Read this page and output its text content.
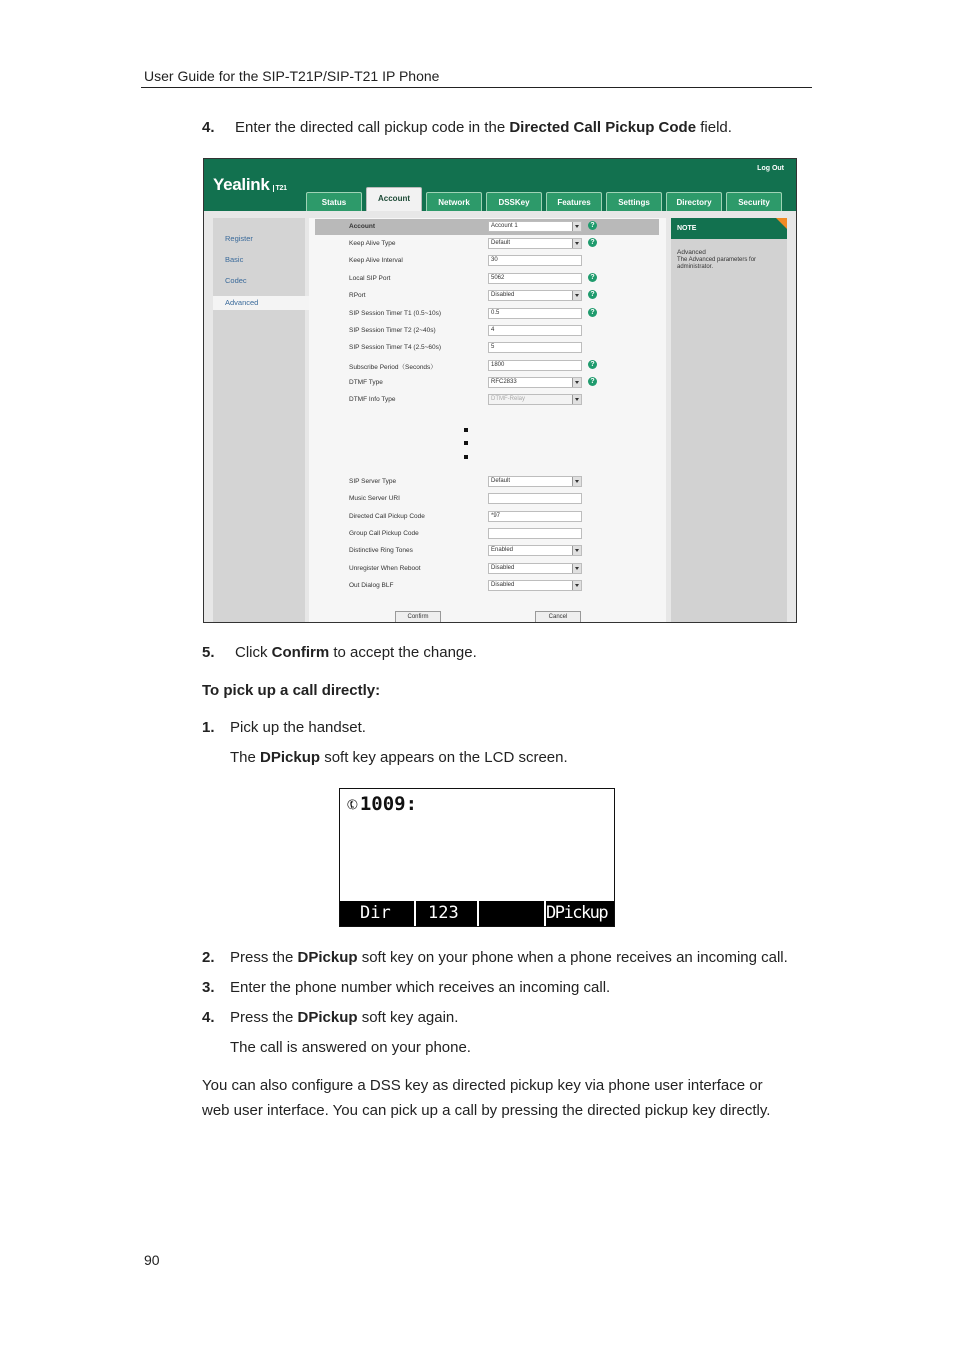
User Guide for the SIP-T21P/SIP-T21 IP Phone
4. Enter the directed call pickup code in the Directed Call Pickup Code field.
Yealink T21
Log Out
Status	Account	Network	DSSKey	Features	Settings	Directory	Security
Register
Basic
Codec
Advanced
Account	Account 1	?
Keep Alive Type	Default	?
Keep Alive Interval	30
Local SIP Port	5062	?
RPort	Disabled	?
SIP Session Timer T1 (0.5~10s)	0.5	?
SIP Session Timer T2 (2~40s)	4
SIP Session Timer T4 (2.5~60s)	5
Subscribe Period（Seconds）	1800	?
DTMF Type	RFC2833	?
DTMF Info Type	DTMF-Relay
SIP Server Type	Default
Music Server URI
Directed Call Pickup Code	*97
Group Call Pickup Code
Distinctive Ring Tones	Enabled
Unregister When Reboot	Disabled
Out Dialog BLF	Disabled
Confirm	Cancel
NOTE
Advanced
The Advanced parameters for administrator.
5. Click Confirm to accept the change.
To pick up a call directly:
1. Pick up the handset.
The DPickup soft key appears on the LCD screen.
✆1009:
Dir 123	DPickup
2. Press the DPickup soft key on your phone when a phone receives an incoming call.
3. Enter the phone number which receives an incoming call.
4. Press the DPickup soft key again.
The call is answered on your phone.
You can also configure a DSS key as directed pickup key via phone user interface or
web user interface. You can pick up a call by pressing the directed pickup key directly.
90
